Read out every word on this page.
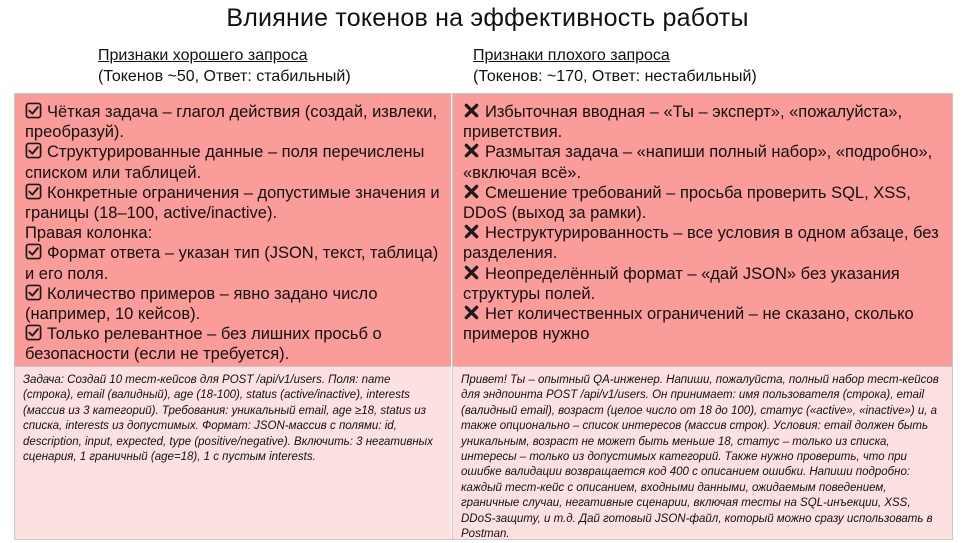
Влияние токенов на эффективность работы
Признаки хорошего запроса
(Токенов ~50, Ответ: стабильный)
Признаки плохого запроса
(Токенов: ~170, Ответ: нестабильный)
Чёткая задача – глагол действия (создай, извлеки, преобразуй).
Структурированные данные – поля перечислены списком или таблицей.
Конкретные ограничения – допустимые значения и границы (18–100, active/inactive).
Правая колонка:
Формат ответа – указан тип (JSON, текст, таблица) и его поля.
Количество примеров – явно задано число (например, 10 кейсов).
Только релевантное – без лишних просьб о безопасности (если не требуется).
Избыточная вводная – «Ты – эксперт», «пожалуйста», приветствия.
Размытая задача – «напиши полный набор», «подробно», «включая всё».
Смешение требований – просьба проверить SQL, XSS, DDoS (выход за рамки).
Неструктурированность – все условия в одном абзаце, без разделения.
Неопределённый формат – «дай JSON» без указания структуры полей.
Нет количественных ограничений – не сказано, сколько примеров нужно
Задача: Создай 10 тест-кейсов для POST /api/v1/users. Поля: name (строка), email (валидный), age (18-100), status (active/inactive), interests (массив из 3 категорий). Требования: уникальный email, age ≥18, status из списка, interests из допустимых. Формат: JSON-массив с полями: id, description, input, expected, type (positive/negative). Включить: 3 негативных сценария, 1 граничный (age=18), 1 с пустым interests.
Привет! Ты – опытный QA-инженер. Напиши, пожалуйста, полный набор тест-кейсов для эндпоинта POST /api/v1/users. Он принимает: имя пользователя (строка), email (валидный email), возраст (целое число от 18 до 100), статус («active», «inactive») и, а также опционально – список интересов (массив строк). Условия: email должен быть уникальным, возраст не может быть меньше 18, статус – только из списка, интересы – только из допустимых категорий. Также нужно проверить, что при ошибке валидации возвращается код 400 с описанием ошибки. Напиши подробно: каждый тест-кейс с описанием, входными данными, ожидаемым поведением, граничные случаи, негативные сценарии, включая тесты на SQL-инъекции, XSS, DDoS-защиту, и т.д. Дай готовый JSON-файл, который можно сразу использовать в Postman.
